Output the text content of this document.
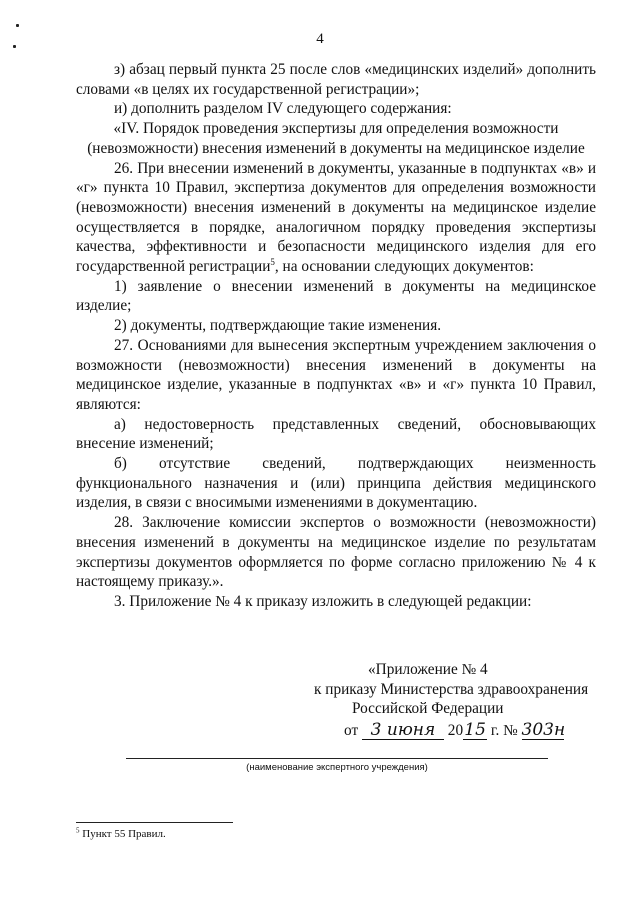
4

з) абзац первый пункта 25 после слов «медицинских изделий» дополнить словами «в целях их государственной регистрации»;

и) дополнить разделом IV следующего содержания:

«IV. Порядок проведения экспертизы для определения возможности (невозможности) внесения изменений в документы на медицинское изделие

26. При внесении изменений в документы, указанные в подпунктах «в» и «г» пункта 10 Правил, экспертиза документов для определения возможности (невозможности) внесения изменений в документы на медицинское изделие осуществляется в порядке, аналогичном порядку проведения экспертизы качества, эффективности и безопасности медицинского изделия для его государственной регистрации$^5$, на основании следующих документов:

1) заявление о внесении изменений в документы на медицинское изделие;

2) документы, подтверждающие такие изменения.

27. Основаниями для вынесения экспертным учреждением заключения о возможности (невозможности) внесения изменений в документы на медицинское изделие, указанные в подпунктах «в» и «г» пункта 10 Правил, являются:

а) недостоверность представленных сведений, обосновывающих внесение изменений;

б) отсутствие сведений, подтверждающих неизменность функционального назначения и (или) принципа действия медицинского изделия, в связи с вносимыми изменениями в документацию.

28. Заключение комиссии экспертов о возможности (невозможности) внесения изменений в документы на медицинское изделие по результатам экспертизы документов оформляется по форме согласно приложению № 4 к настоящему приказу.».

3. Приложение № 4 к приказу изложить в следующей редакции:

«Приложение № 4
к приказу Министерства здравоохранения
Российской Федерации
от 3 июня 2015 г. № 303н
(наименование экспертного учреждения)
$^5$ Пункт 55 Правил.
